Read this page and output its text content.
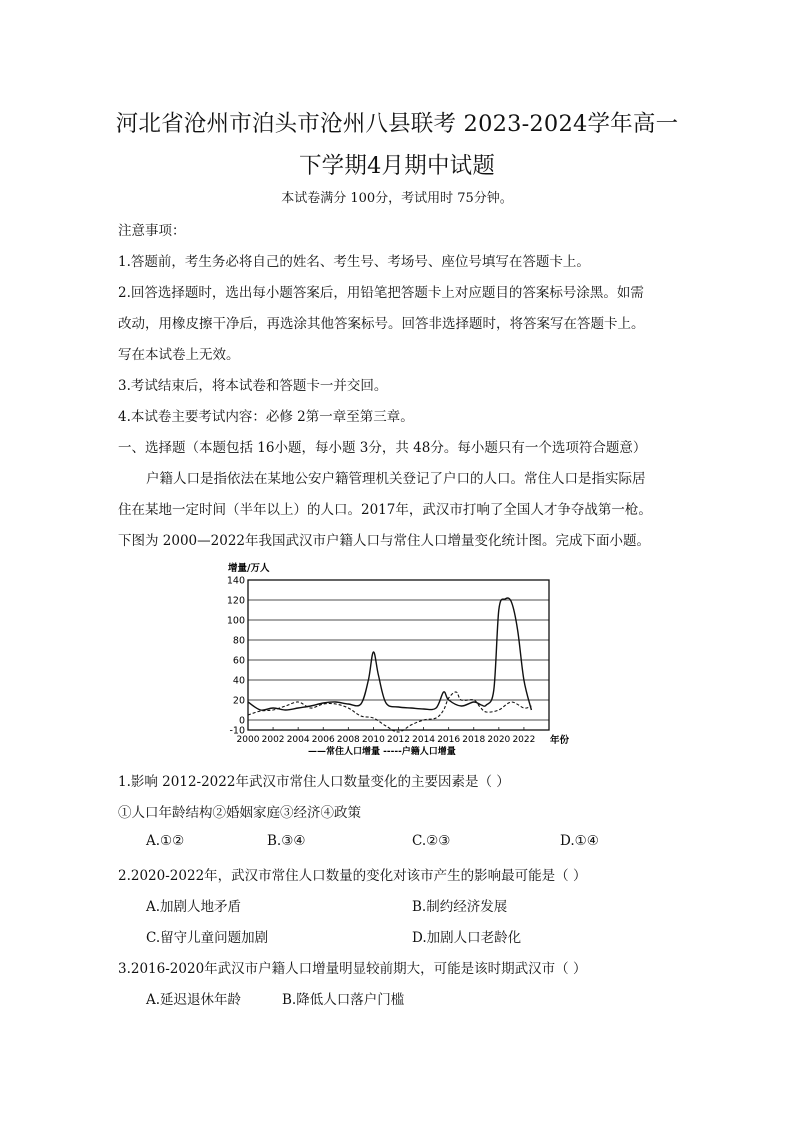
河北省沧州市泊头市沧州八县联考 2023-2024学年高一
下学期4月期中试题
本试卷满分 100分，考试用时 75分钟。
注意事项：
1.答题前，考生务必将自己的姓名、考生号、考场号、座位号填写在答题卡上。
2.回答选择题时，选出每小题答案后，用铅笔把答题卡上对应题目的答案标号涂黑。如需
改动，用橡皮擦干净后，再选涂其他答案标号。回答非选择题时，将答案写在答题卡上。
写在本试卷上无效。
3.考试结束后，将本试卷和答题卡一并交回。
4.本试卷主要考试内容：必修 2第一章至第三章。
一、选择题（本题包括 16小题，每小题 3分，共 48分。每小题只有一个选项符合题意）
户籍人口是指依法在某地公安户籍管理机关登记了户口的人口。常住人口是指实际居
住在某地一定时间（半年以上）的人口。2017年，武汉市打响了全国人才争夺战第一枪。
下图为 2000—2022年我国武汉市户籍人口与常住人口增量变化统计图。完成下面小题。
增量/万人
140
120
100
80
60
40
20
0
-10
2000 2002 2004 2006 2008 2010 2012 2014 2016 2018 2020 2022 年份
——常住人口增量 -----户籍人口增量
1.影响 2012-2022年武汉市常住人口数量变化的主要因素是（ ）
①人口年龄结构②婚姻家庭③经济④政策
A.①②	B.③④	C.②③	D.①④
2.2020-2022年，武汉市常住人口数量的变化对该市产生的影响最可能是（ ）
A.加剧人地矛盾	B.制约经济发展
C.留守儿童问题加剧	D.加剧人口老龄化
3.2016-2020年武汉市户籍人口增量明显较前期大，可能是该时期武汉市（ ）
A.延迟退休年龄	B.降低人口落户门槛
